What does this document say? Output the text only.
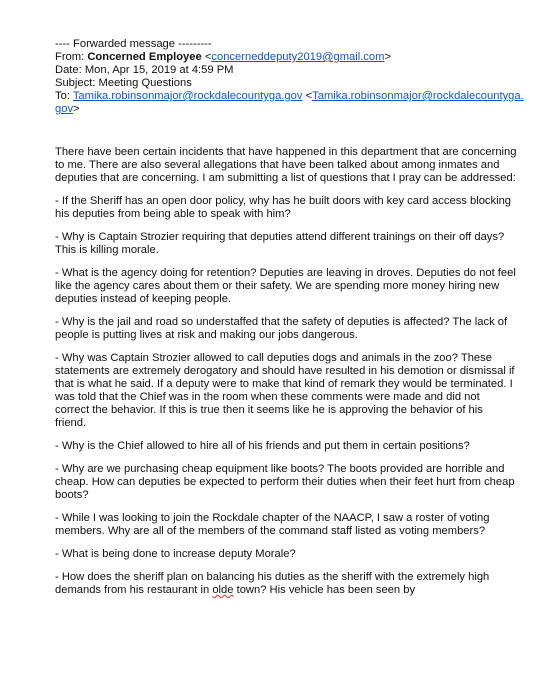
---- Forwarded message ---------
From: Concerned Employee <concerneddeputy2019@gmail.com>
Date: Mon, Apr 15, 2019 at 4:59 PM
Subject: Meeting Questions
To: Tamika.robinsonmajor@rockdalecountyga.gov <Tamika.robinsonmajor@rockdalecountyga.gov>

There have been certain incidents that have happened in this department that are concerning to me. There are also several allegations that have been talked about among inmates and deputies that are concerning. I am submitting a list of questions that I pray can be addressed:

- If the Sheriff has an open door policy, why has he built doors with key card access blocking his deputies from being able to speak with him?

- Why is Captain Strozier requiring that deputies attend different trainings on their off days? This is killing morale.

- What is the agency doing for retention? Deputies are leaving in droves. Deputies do not feel like the agency cares about them or their safety. We are spending more money hiring new deputies instead of keeping people.

- Why is the jail and road so understaffed that the safety of deputies is affected? The lack of people is putting lives at risk and making our jobs dangerous.

- Why was Captain Strozier allowed to call deputies dogs and animals in the zoo? These statements are extremely derogatory and should have resulted in his demotion or dismissal if that is what he said. If a deputy were to make that kind of remark they would be terminated. I was told that the Chief was in the room when these comments were made and did not correct the behavior. If this is true then it seems like he is approving the behavior of his friend.

- Why is the Chief allowed to hire all of his friends and put them in certain positions?

- Why are we purchasing cheap equipment like boots? The boots provided are horrible and cheap. How can deputies be expected to perform their duties when their feet hurt from cheap boots?

- While I was looking to join the Rockdale chapter of the NAACP, I saw a roster of voting members. Why are all of the members of the command staff listed as voting members?

- What is being done to increase deputy Morale?

- How does the sheriff plan on balancing his duties as the sheriff with the extremely high demands from his restaurant in olde town? His vehicle has been seen by
